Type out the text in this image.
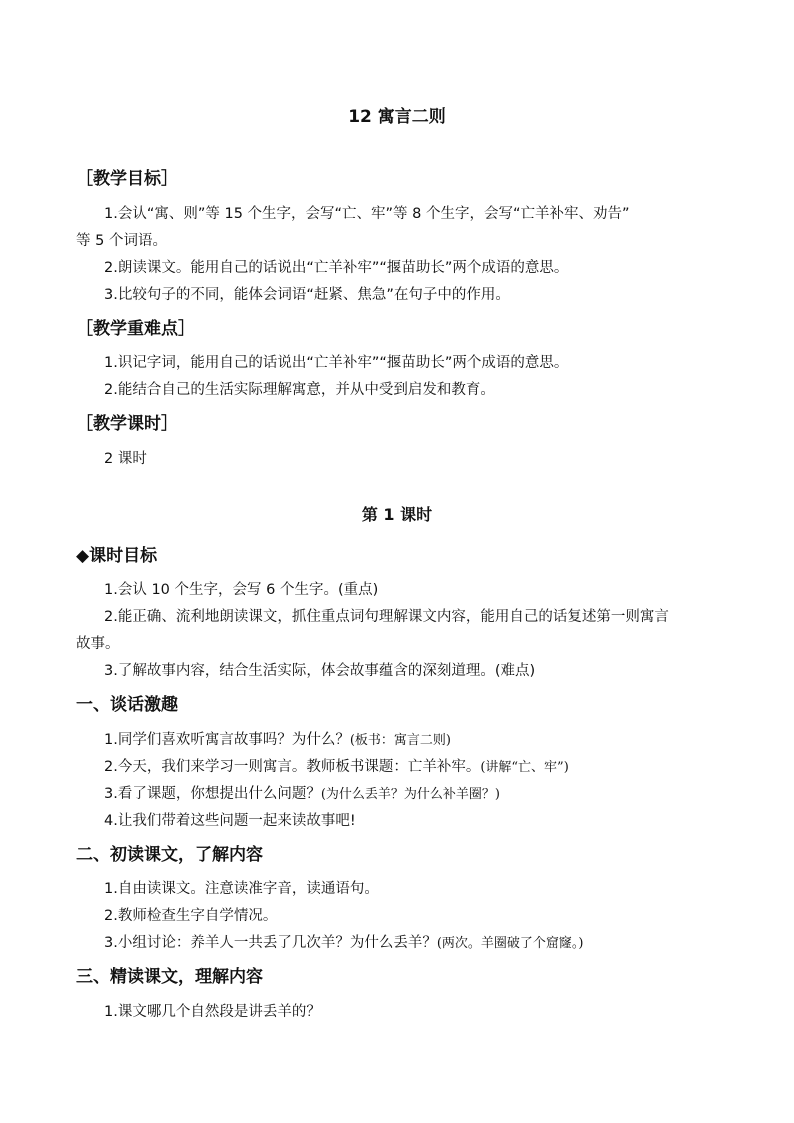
12 寓言二则
［教学目标］
1.会认“寓、则”等 15 个生字，会写“亡、牢”等 8 个生字，会写“亡羊补牢、劝告”
等 5 个词语。
2.朗读课文。能用自己的话说出“亡羊补牢”“揠苗助长”两个成语的意思。
3.比较句子的不同，能体会词语“赶紧、焦急”在句子中的作用。
［教学重难点］
1.识记字词，能用自己的话说出“亡羊补牢”“揠苗助长”两个成语的意思。
2.能结合自己的生活实际理解寓意，并从中受到启发和教育。
［教学课时］
2 课时
第 1 课时
◆课时目标
1.会认 10 个生字，会写 6 个生字。(重点)
2.能正确、流利地朗读课文，抓住重点词句理解课文内容，能用自己的话复述第一则寓言
故事。
3.了解故事内容，结合生活实际，体会故事蕴含的深刻道理。(难点)
一、谈话激趣
1.同学们喜欢听寓言故事吗？为什么？(板书：寓言二则)
2.今天，我们来学习一则寓言。教师板书课题：亡羊补牢。(讲解“亡、牢”)
3.看了课题，你想提出什么问题？(为什么丢羊？为什么补羊圈？)
4.让我们带着这些问题一起来读故事吧!
二、初读课文，了解内容
1.自由读课文。注意读准字音，读通语句。
2.教师检查生字自学情况。
3.小组讨论：养羊人一共丢了几次羊？为什么丢羊？(两次。羊圈破了个窟窿。)
三、精读课文，理解内容
1.课文哪几个自然段是讲丢羊的？
